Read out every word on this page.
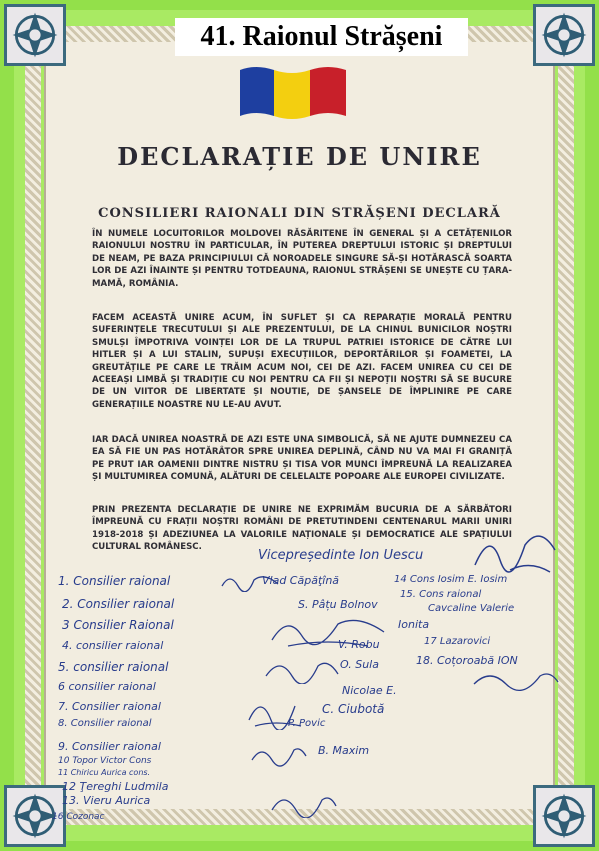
41. Raionul Strășeni
DECLARAȚIE DE UNIRE
CONSILIERI RAIONALI DIN STRĂȘENI DECLARĂ
ÎN NUMELE LOCUITORILOR MOLDOVEI RĂSĂRITENE ÎN GENERAL ȘI A CETĂȚENILOR RAIONULUI NOSTRU ÎN PARTICULAR, ÎN PUTEREA DREPTULUI ISTORIC ȘI DREPTULUI DE NEAM, PE BAZA PRINCIPIULUI CĂ NOROADELE SINGURE SĂ-ȘI HOTĂRASCĂ SOARTA LOR DE AZI ÎNAINTE ȘI PENTRU TOTDEAUNA, RAIONUL STRĂȘENI SE UNEȘTE CU ȚARA-MAMĂ, ROMÂNIA.
FACEM ACEASTĂ UNIRE ACUM, ÎN SUFLET ȘI CA REPARAȚIE MORALĂ PENTRU SUFERINȚELE TRECUTULUI ȘI ALE PREZENTULUI, DE LA CHINUL BUNICILOR NOȘTRI SMULȘI ÎMPOTRIVA VOINȚEI LOR DE LA TRUPUL PATRIEI ISTORICE DE CĂTRE LUI HITLER ȘI A LUI STALIN, SUPUȘI EXECUȚIILOR, DEPORTĂRILOR ȘI FOAMETEI, LA GREUTĂȚILE PE CARE LE TRĂIM ACUM NOI, CEI DE AZI. FACEM UNIREA CU CEI DE ACEEAȘI LIMBĂ ȘI TRADIȚIE CU NOI PENTRU CA FII ȘI NEPOȚII NOȘTRI SĂ SE BUCURE DE UN VIITOR DE LIBERTATE ȘI NOUTIE, DE ȘANSELE DE ÎMPLINIRE PE CARE GENERAȚIILE NOASTRE NU LE-AU AVUT.
IAR DACĂ UNIREA NOASTRĂ DE AZI ESTE UNA SIMBOLICĂ, SĂ NE AJUTE DUMNEZEU CA EA SĂ FIE UN PAS HOTĂRÂTOR SPRE UNIREA DEPLINĂ, CÂND NU VA MAI FI GRANIȚĂ PE PRUT IAR OAMENII DINTRE NISTRU ȘI TISA VOR MUNCI ÎMPREUNĂ LA REALIZAREA ȘI MULTUMIREA COMUNĂ, ALĂTURI DE CELELALTE POPOARE ALE EUROPEI CIVILIZATE.
PRIN PREZENTA DECLARAȚIE DE UNIRE NE EXPRIMĂM BUCURIA DE A SĂRBĂTORI ÎMPREUNĂ CU FRAȚII NOȘTRI ROMÂNI DE PRETUTINDENI CENTENARUL MARII UNIRI 1918-2018 ȘI ADEZIUNEA LA VALORILE NAȚIONALE ȘI DEMOCRATICE ALE SPAȚIULUI CULTURAL ROMÂNESC.
Vicepreședinte Ion Uescu
1. Consilier raional
2. Consilier raional
3 Consilier Raional
4. consilier raional
5. consilier raional
6 consilier raional
7. Consilier raional
8. Consilier raional
9. Consilier raional
10 Topor Victor Cons
11 Chiricu Aurica cons.
12 Ţereghi Ludmila
13. Vieru Aurica
16 Cozonac
Vlad Căpăţînă
S. Pâțu Bolnov
Ionita
V. Robu
O. Sula
Nicolae E.
C. Ciubotă
P. Povic
B. Maxim
14 Cons Iosim E. Iosim
15. Cons raional
Cavcaline Valerie
17 Lazarovici
18. Coțoroabă ION
